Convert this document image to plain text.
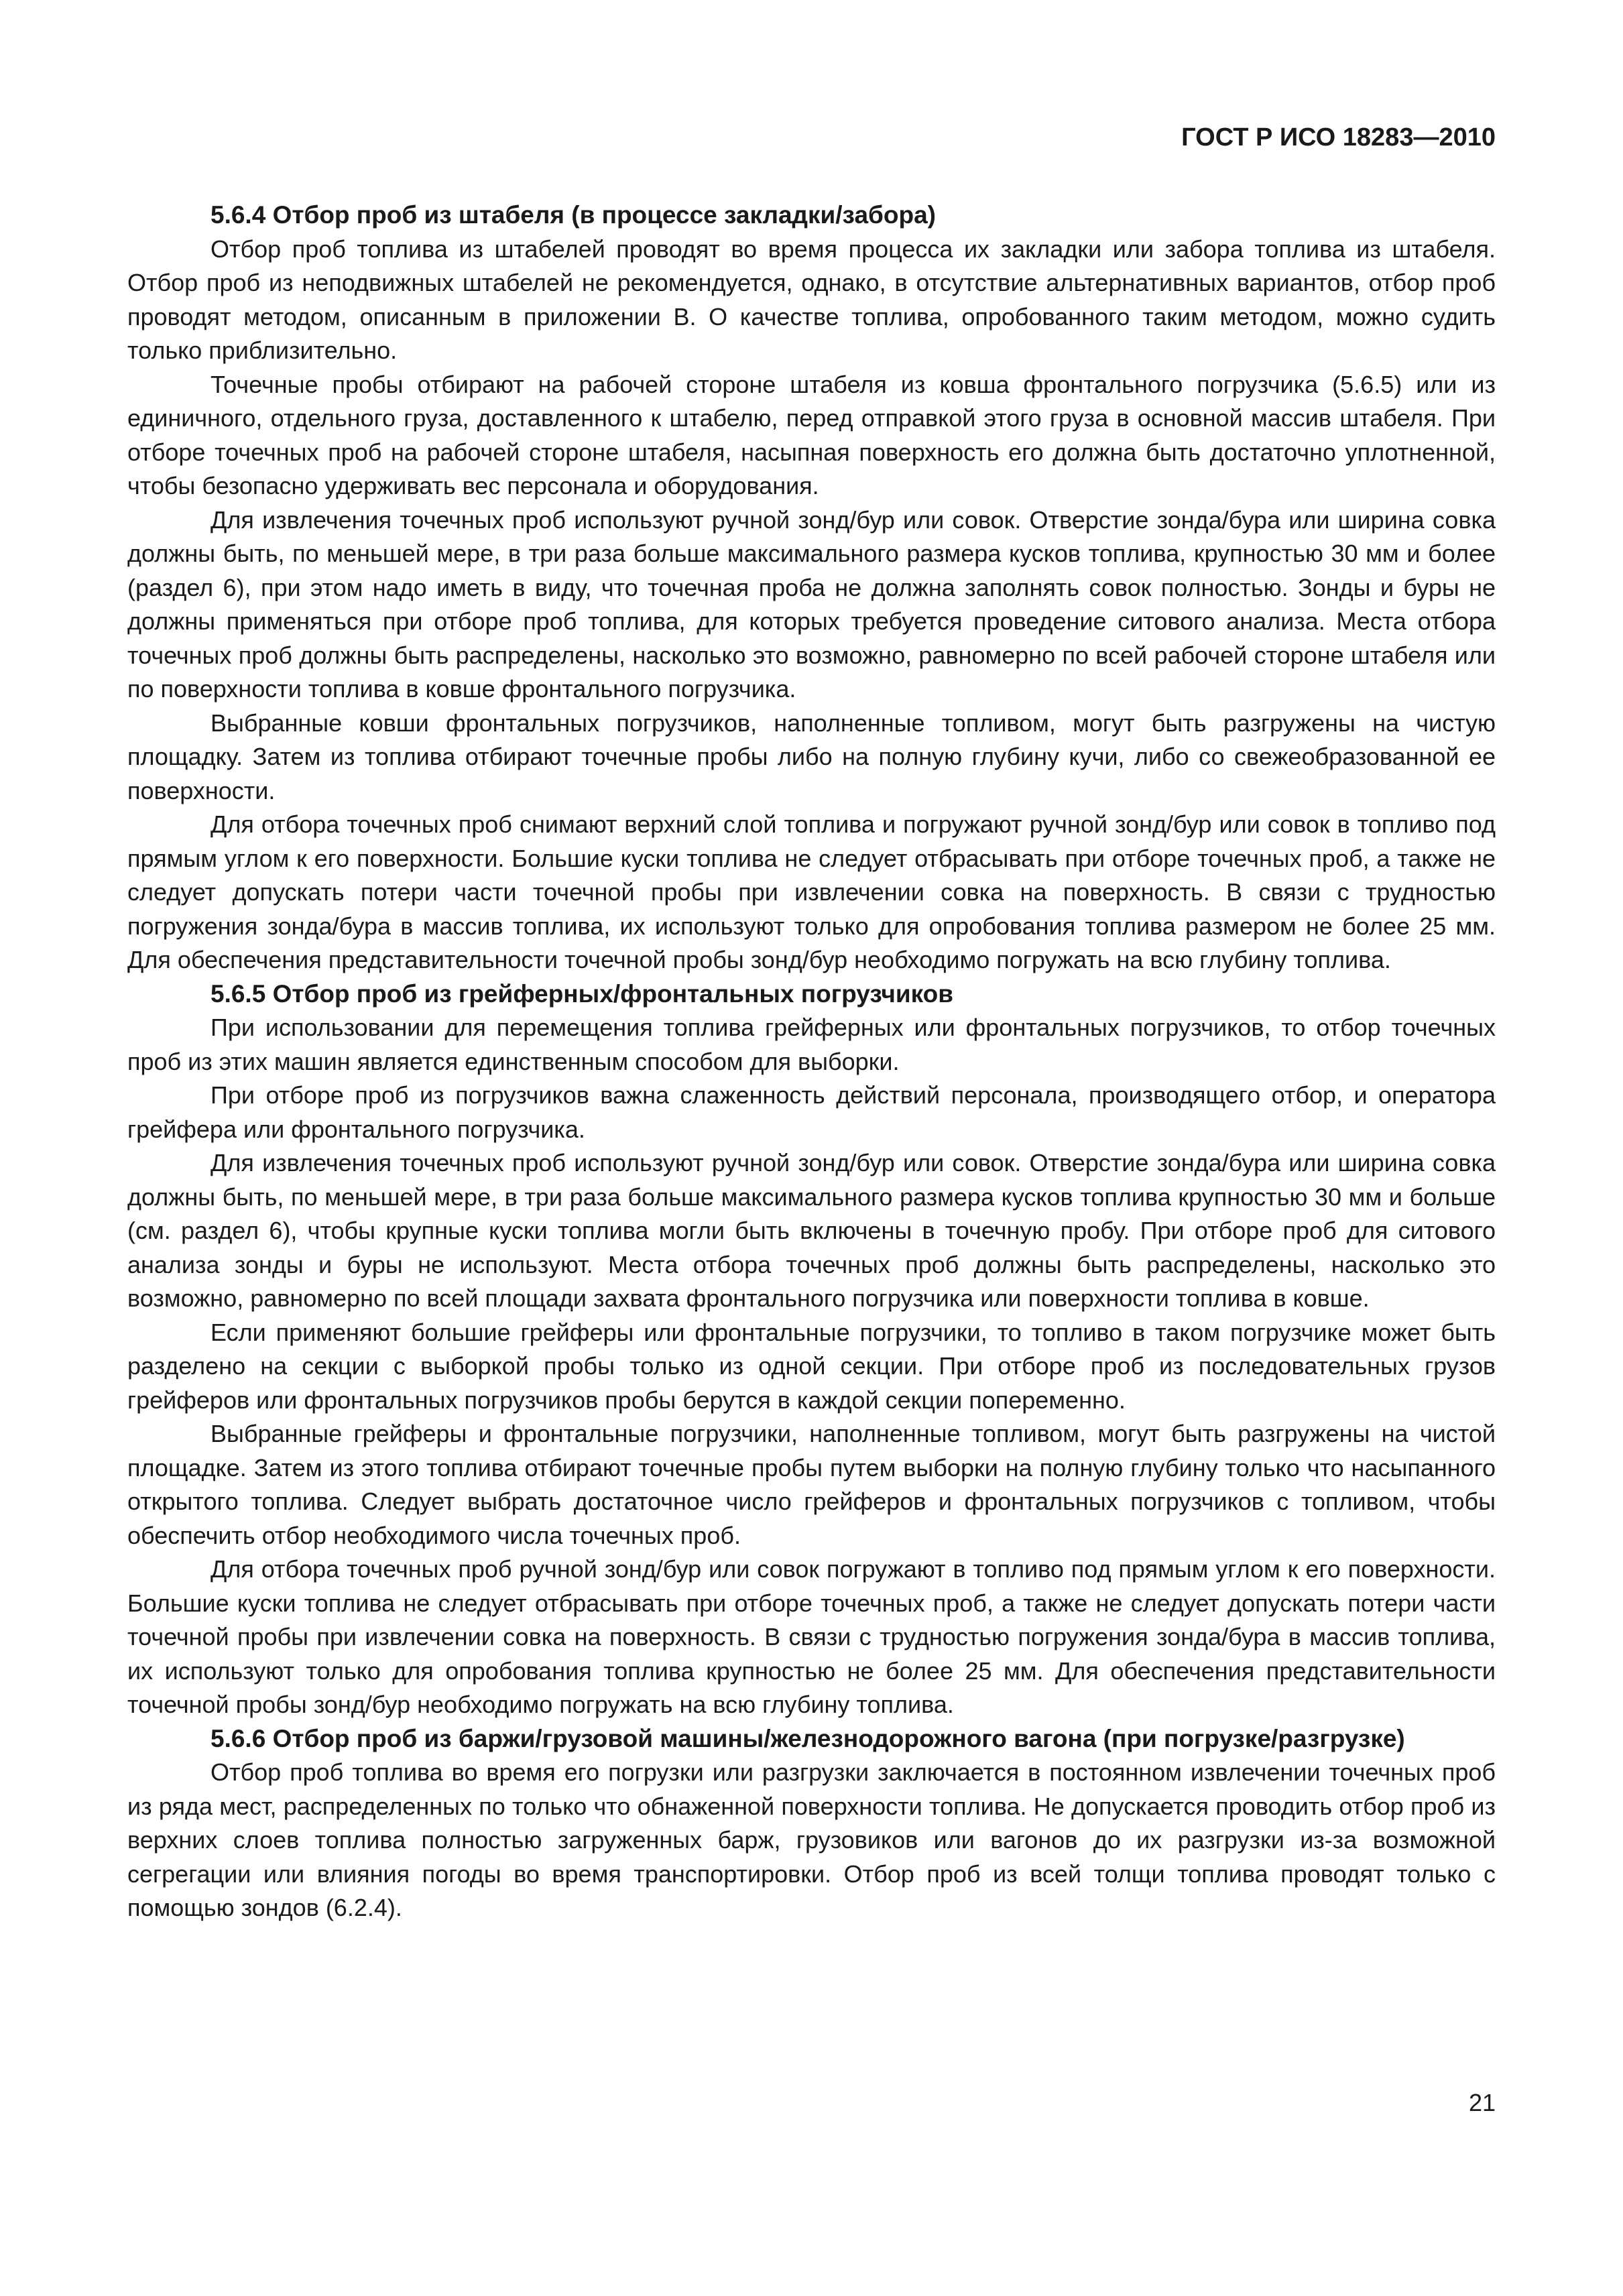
ГОСТ Р ИСО 18283—2010
5.6.4 Отбор проб из штабеля (в процессе закладки/забора)

Отбор проб топлива из штабелей проводят во время процесса их закладки или забора топлива из штабеля. Отбор проб из неподвижных штабелей не рекомендуется, однако, в отсутствие альтернативных вариантов, отбор проб проводят методом, описанным в приложении В. О качестве топлива, опробованного таким методом, можно судить только приблизительно.

Точечные пробы отбирают на рабочей стороне штабеля из ковша фронтального погрузчика (5.6.5) или из единичного, отдельного груза, доставленного к штабелю, перед отправкой этого груза в основной массив штабеля. При отборе точечных проб на рабочей стороне штабеля, насыпная поверхность его должна быть достаточно уплотненной, чтобы безопасно удерживать вес персонала и оборудования.

Для извлечения точечных проб используют ручной зонд/бур или совок. Отверстие зонда/бура или ширина совка должны быть, по меньшей мере, в три раза больше максимального размера кусков топлива, крупностью 30 мм и более (раздел 6), при этом надо иметь в виду, что точечная проба не должна заполнять совок полностью. Зонды и буры не должны применяться при отборе проб топлива, для которых требуется проведение ситового анализа. Места отбора точечных проб должны быть распределены, насколько это возможно, равномерно по всей рабочей стороне штабеля или по поверхности топлива в ковше фронтального погрузчика.

Выбранные ковши фронтальных погрузчиков, наполненные топливом, могут быть разгружены на чистую площадку. Затем из топлива отбирают точечные пробы либо на полную глубину кучи, либо со свежеобразованной ее поверхности.

Для отбора точечных проб снимают верхний слой топлива и погружают ручной зонд/бур или совок в топливо под прямым углом к его поверхности. Большие куски топлива не следует отбрасывать при отборе точечных проб, а также не следует допускать потери части точечной пробы при извлечении совка на поверхность. В связи с трудностью погружения зонда/бура в массив топлива, их используют только для опробования топлива размером не более 25 мм. Для обеспечения представительности точечной пробы зонд/бур необходимо погружать на всю глубину топлива.

5.6.5 Отбор проб из грейферных/фронтальных погрузчиков

При использовании для перемещения топлива грейферных или фронтальных погрузчиков, то отбор точечных проб из этих машин является единственным способом для выборки.

При отборе проб из погрузчиков важна слаженность действий персонала, производящего отбор, и оператора грейфера или фронтального погрузчика.

Для извлечения точечных проб используют ручной зонд/бур или совок. Отверстие зонда/бура или ширина совка должны быть, по меньшей мере, в три раза больше максимального размера кусков топлива крупностью 30 мм и больше (см. раздел 6), чтобы крупные куски топлива могли быть включены в точечную пробу. При отборе проб для ситового анализа зонды и буры не используют. Места отбора точечных проб должны быть распределены, насколько это возможно, равномерно по всей площади захвата фронтального погрузчика или поверхности топлива в ковше.

Если применяют большие грейферы или фронтальные погрузчики, то топливо в таком погрузчике может быть разделено на секции с выборкой пробы только из одной секции. При отборе проб из последовательных грузов грейферов или фронтальных погрузчиков пробы берутся в каждой секции попеременно.

Выбранные грейферы и фронтальные погрузчики, наполненные топливом, могут быть разгружены на чистой площадке. Затем из этого топлива отбирают точечные пробы путем выборки на полную глубину только что насыпанного открытого топлива. Следует выбрать достаточное число грейферов и фронтальных погрузчиков с топливом, чтобы обеспечить отбор необходимого числа точечных проб.

Для отбора точечных проб ручной зонд/бур или совок погружают в топливо под прямым углом к его поверхности. Большие куски топлива не следует отбрасывать при отборе точечных проб, а также не следует допускать потери части точечной пробы при извлечении совка на поверхность. В связи с трудностью погружения зонда/бура в массив топлива, их используют только для опробования топлива крупностью не более 25 мм. Для обеспечения представительности точечной пробы зонд/бур необходимо погружать на всю глубину топлива.

5.6.6 Отбор проб из баржи/грузовой машины/железнодорожного вагона (при погрузке/разгрузке)

Отбор проб топлива во время его погрузки или разгрузки заключается в постоянном извлечении точечных проб из ряда мест, распределенных по только что обнаженной поверхности топлива. Не допускается проводить отбор проб из верхних слоев топлива полностью загруженных барж, грузовиков или вагонов до их разгрузки из-за возможной сегрегации или влияния погоды во время транспортировки. Отбор проб из всей толщи топлива проводят только с помощью зондов (6.2.4).

21
